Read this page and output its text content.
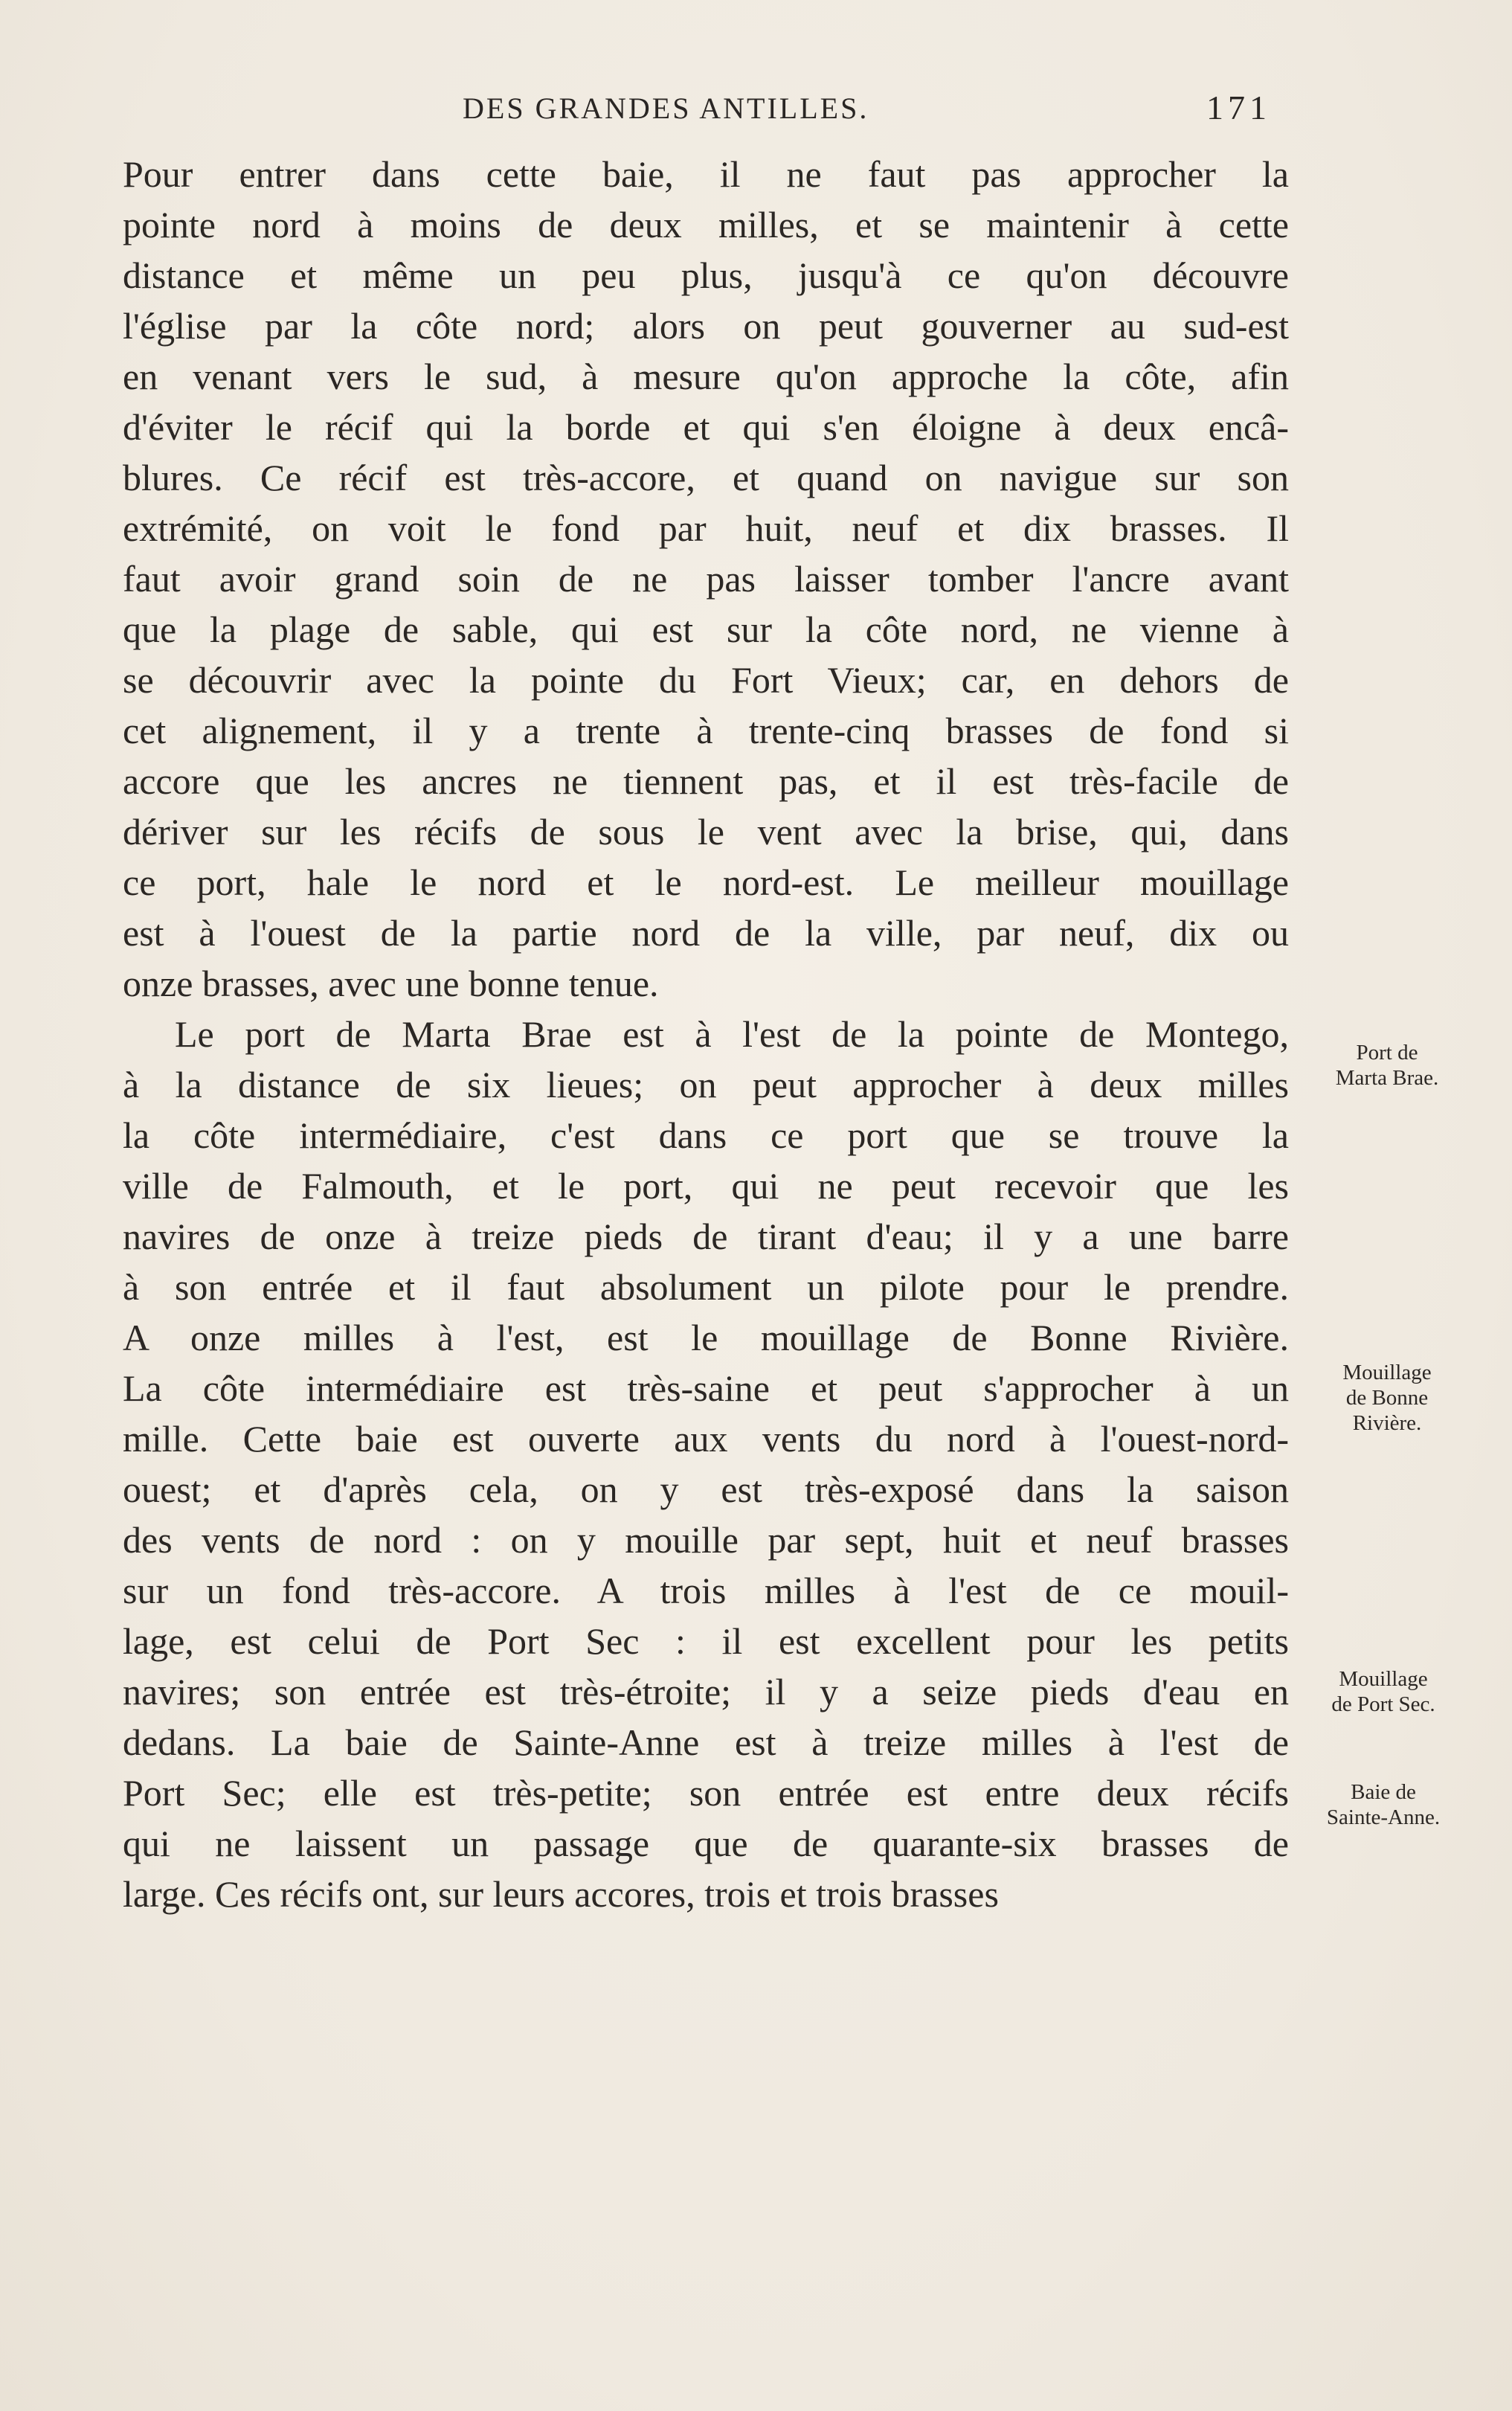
DES GRANDES ANTILLES.	171
Pour entrer dans cette baie, il ne faut pas approcher la
pointe nord à moins de deux milles, et se maintenir à cette
distance et même un peu plus, jusqu'à ce qu'on découvre
l'église par la côte nord; alors on peut gouverner au sud-est
en venant vers le sud, à mesure qu'on approche la côte, afin
d'éviter le récif qui la borde et qui s'en éloigne à deux encâ-
blures. Ce récif est très-accore, et quand on navigue sur son
extrémité, on voit le fond par huit, neuf et dix brasses. Il
faut avoir grand soin de ne pas laisser tomber l'ancre avant
que la plage de sable, qui est sur la côte nord, ne vienne à
se découvrir avec la pointe du Fort Vieux; car, en dehors de
cet alignement, il y a trente à trente-cinq brasses de fond si
accore que les ancres ne tiennent pas, et il est très-facile de
dériver sur les récifs de sous le vent avec la brise, qui, dans
ce port, hale le nord et le nord-est. Le meilleur mouillage
est à l'ouest de la partie nord de la ville, par neuf, dix ou
onze brasses, avec une bonne tenue.
Le port de Marta Brae est à l'est de la pointe de Montego,
à la distance de six lieues; on peut approcher à deux milles
la côte intermédiaire, c'est dans ce port que se trouve la
ville de Falmouth, et le port, qui ne peut recevoir que les
navires de onze à treize pieds de tirant d'eau; il y a une barre
à son entrée et il faut absolument un pilote pour le prendre.
A onze milles à l'est, est le mouillage de Bonne Rivière.
La côte intermédiaire est très-saine et peut s'approcher à un
mille. Cette baie est ouverte aux vents du nord à l'ouest-nord-
ouest; et d'après cela, on y est très-exposé dans la saison
des vents de nord : on y mouille par sept, huit et neuf brasses
sur un fond très-accore. A trois milles à l'est de ce mouil-
lage, est celui de Port Sec : il est excellent pour les petits
navires; son entrée est très-étroite; il y a seize pieds d'eau en
dedans. La baie de Sainte-Anne est à treize milles à l'est de
Port Sec; elle est très-petite; son entrée est entre deux récifs
qui ne laissent un passage que de quarante-six brasses de
large. Ces récifs ont, sur leurs accores, trois et trois brasses
Port de
Marta Brae.
Mouillage
de Bonne
Rivière.
Mouillage
de Port Sec.
Baie de
Sainte-Anne.
